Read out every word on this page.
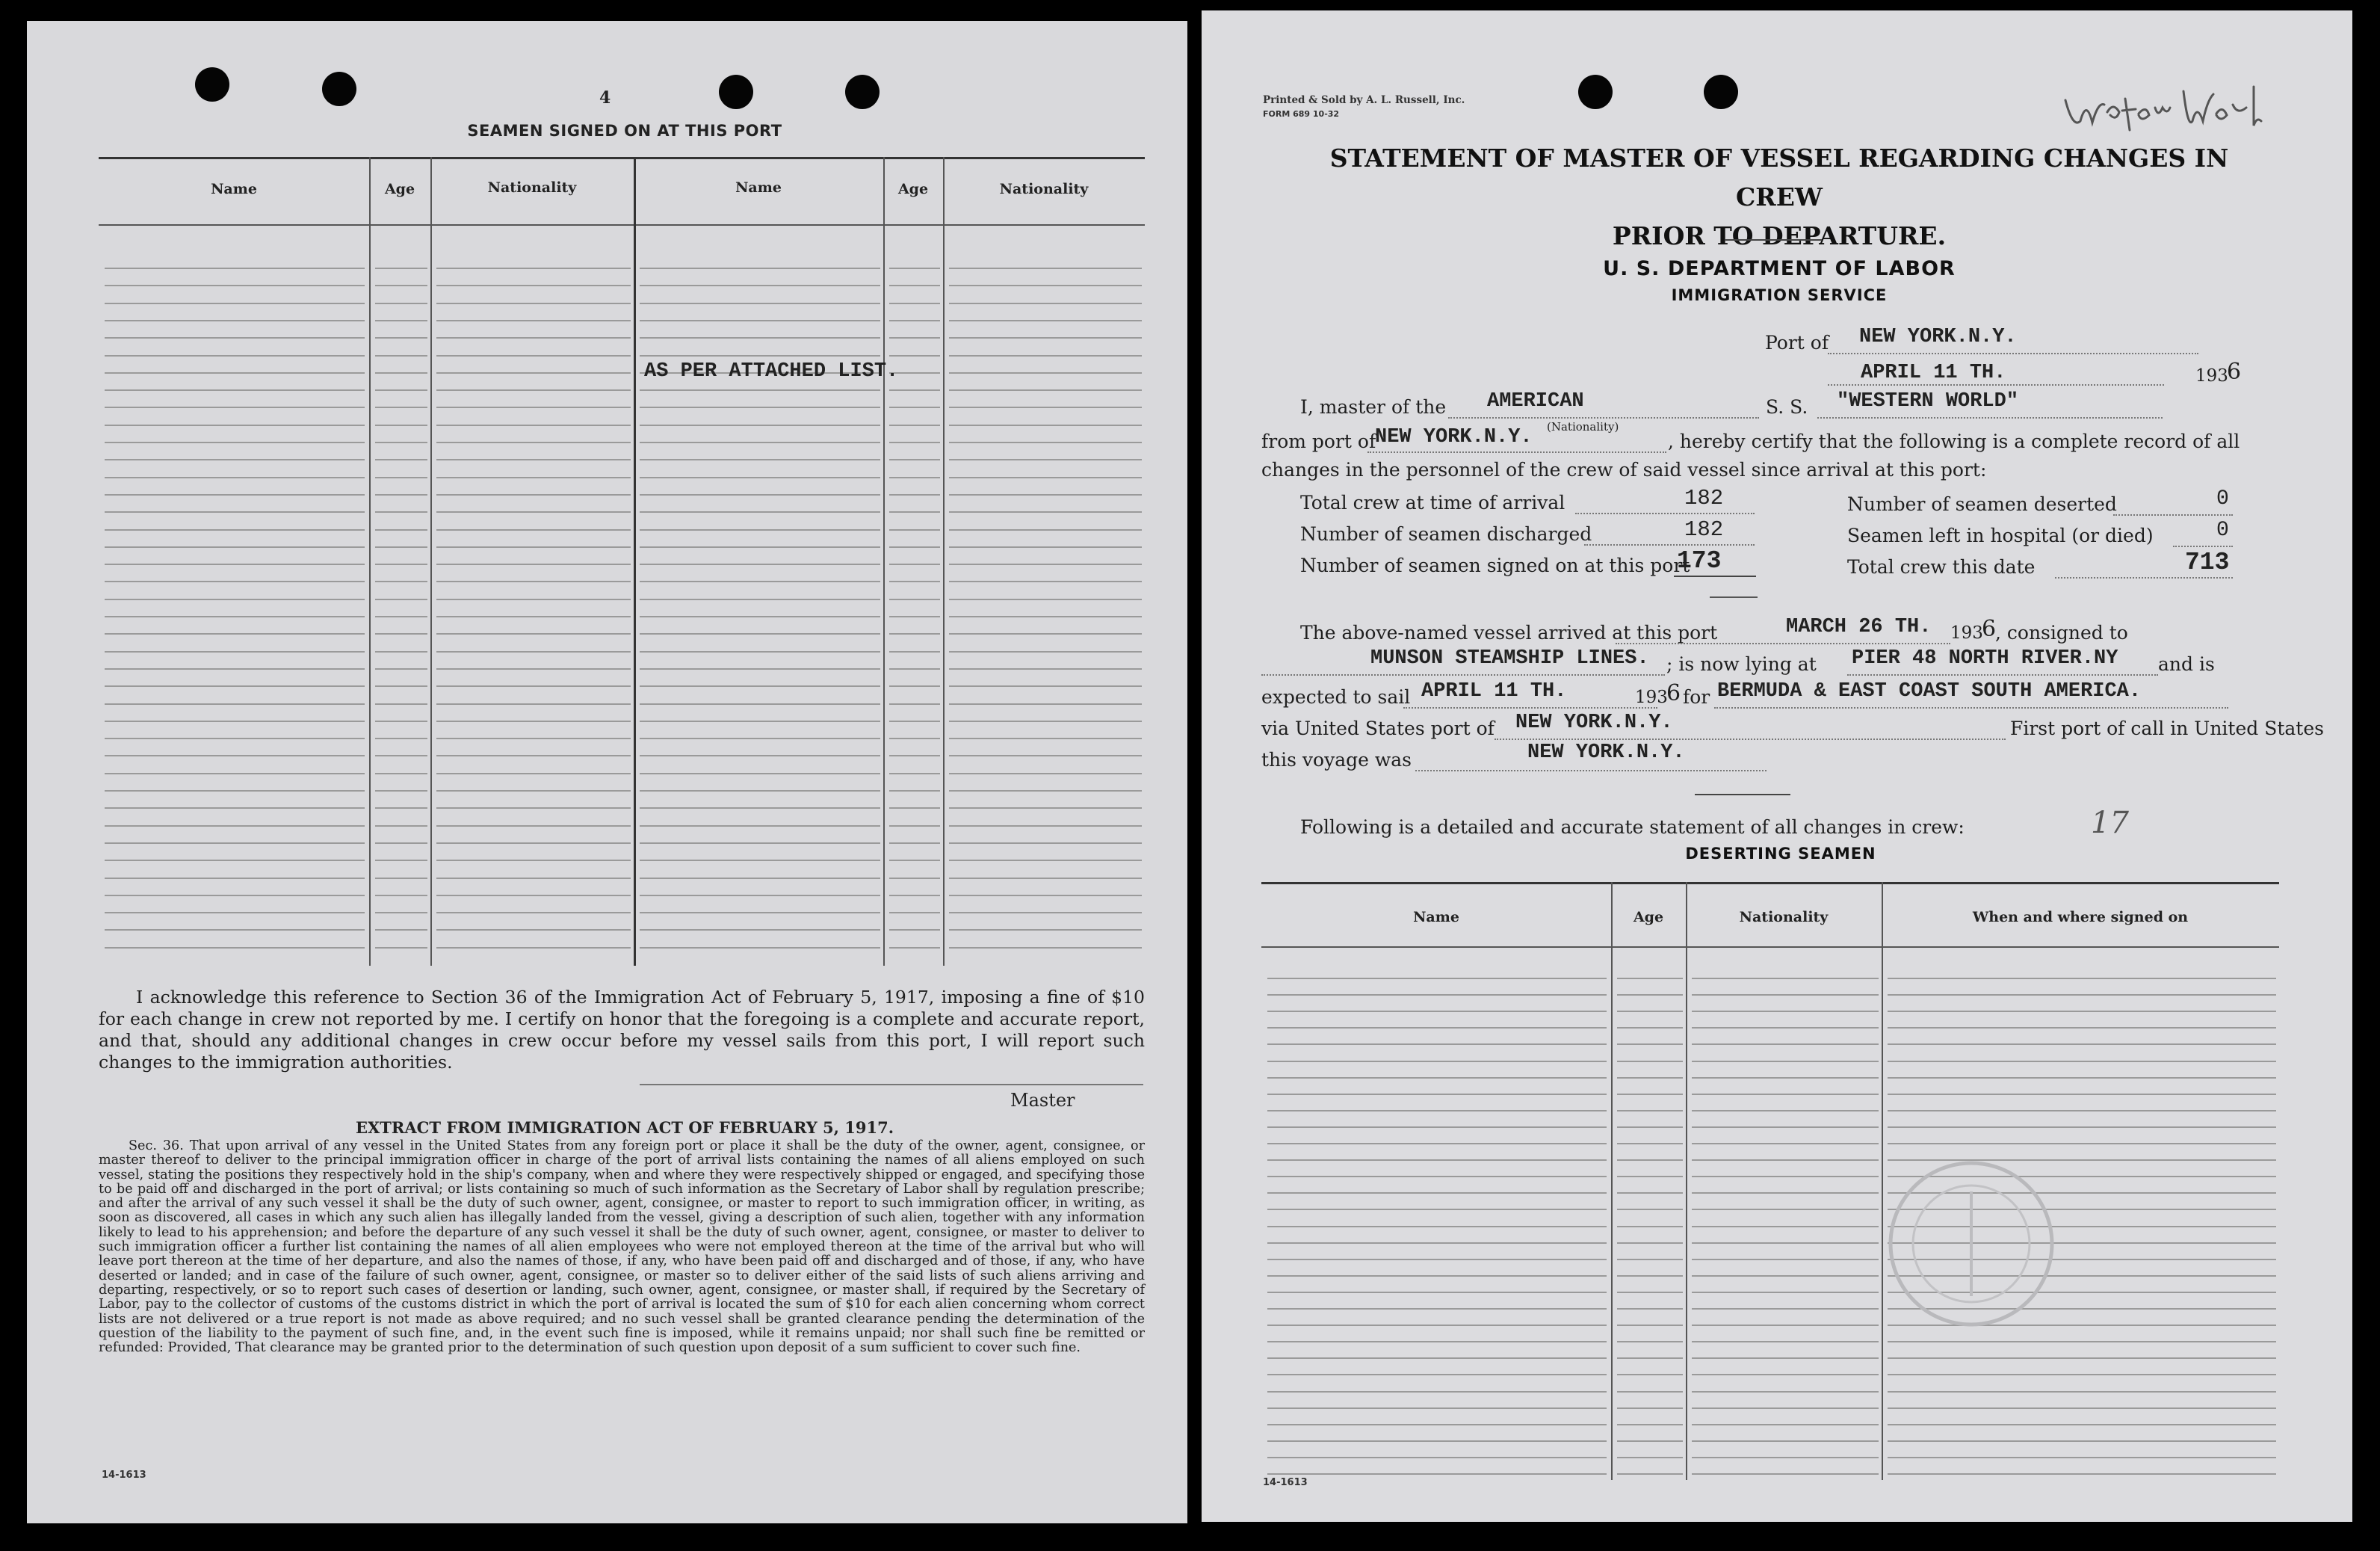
4
SEAMEN SIGNED ON AT THIS PORT
Name	Age	Nationality	Name	Age	Nationality
AS PER ATTACHED LIST.
I acknowledge this reference to Section 36 of the Immigration Act of February 5, 1917, imposing a fine of $10 for each change in crew not reported by me. I certify on honor that the foregoing is a complete and accurate report, and that, should any additional changes in crew occur before my vessel sails from this port, I will report such changes to the immigration authorities.
Master
EXTRACT FROM IMMIGRATION ACT OF FEBRUARY 5, 1917.
Sec. 36. That upon arrival of any vessel in the United States from any foreign port or place it shall be the duty of the owner, agent, consignee, or master thereof to deliver to the principal immigration officer in charge of the port of arrival lists containing the names of all aliens employed on such vessel, stating the positions they respectively hold in the ship's company, when and where they were respectively shipped or engaged, and specifying those to be paid off and discharged in the port of arrival; or lists containing so much of such information as the Secretary of Labor shall by regulation prescribe; and after the arrival of any such vessel it shall be the duty of such owner, agent, consignee, or master to report to such immigration officer, in writing, as soon as discovered, all cases in which any such alien has illegally landed from the vessel, giving a description of such alien, together with any information likely to lead to his apprehension; and before the departure of any such vessel it shall be the duty of such owner, agent, consignee, or master to deliver to such immigration officer a further list containing the names of all alien employees who were not employed thereon at the time of the arrival but who will leave port thereon at the time of her departure, and also the names of those, if any, who have been paid off and discharged and of those, if any, who have deserted or landed; and in case of the failure of such owner, agent, consignee, or master so to deliver either of the said lists of such aliens arriving and departing, respectively, or so to report such cases of desertion or landing, such owner, agent, consignee, or master shall, if required by the Secretary of Labor, pay to the collector of customs of the customs district in which the port of arrival is located the sum of $10 for each alien concerning whom correct lists are not delivered or a true report is not made as above required; and no such vessel shall be granted clearance pending the determination of the question of the liability to the payment of such fine, and, in the event such fine is imposed, while it remains unpaid; nor shall such fine be remitted or refunded: Provided, That clearance may be granted prior to the determination of such question upon deposit of a sum sufficient to cover such fine.
14-1613
Printed & Sold by A. L. Russell, Inc.
FORM 689 10-32
STATEMENT OF MASTER OF VESSEL REGARDING CHANGES IN CREW
PRIOR TO DEPARTURE.
U. S. DEPARTMENT OF LABOR
IMMIGRATION SERVICE
Port of NEW YORK.N.Y.
APRIL 11 TH.	193
6
I, master of the AMERICAN
(Nationality)
S. S. "WESTERN WORLD"
from port of
NEW YORK.N.Y.	, hereby certify that the following is a complete record of all
changes in the personnel of the crew of said vessel since arrival at this port:
Total crew at time of arrival	182
Number of seamen discharged	182
Number of seamen signed on at this port
173
Number of seamen deserted	0
Seamen left in hospital (or died)	0
Total crew this date	713
The above-named vessel arrived at this port	MARCH 26 TH. 193
6
, consigned to
MUNSON STEAMSHIP LINES. ; is now lying at PIER 48 NORTH RIVER.NY and is
expected to sail APRIL 11 TH.	193
6 for BERMUDA & EAST COAST SOUTH AMERICA.
via United States port of NEW YORK.N.Y.	First port of call in United States
this voyage was	NEW YORK.N.Y.
Following is a detailed and accurate statement of all changes in crew:	17
DESERTING SEAMEN
Name	Age	Nationality	When and where signed on
14-1613
